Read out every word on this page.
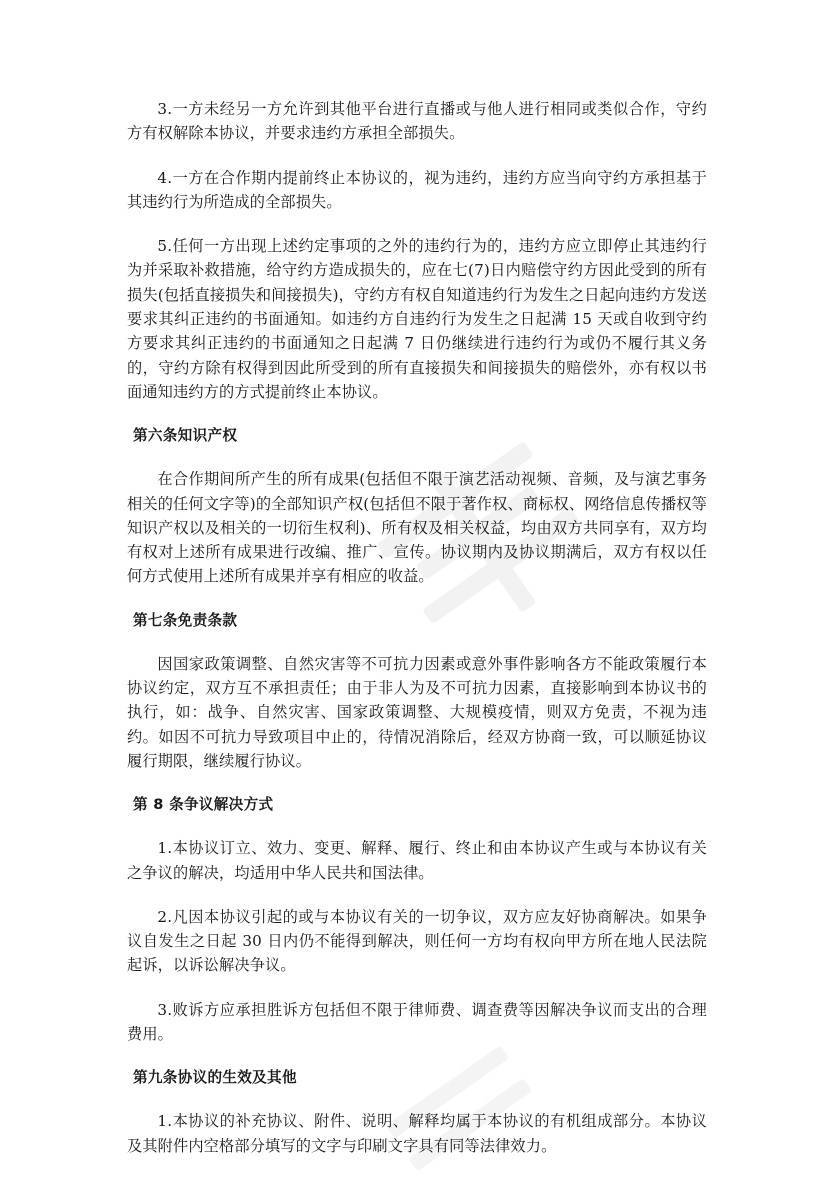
3.一方未经另一方允许到其他平台进行直播或与他人进行相同或类似合作，守约方有权解除本协议，并要求违约方承担全部损失。

4.一方在合作期内提前终止本协议的，视为违约，违约方应当向守约方承担基于其违约行为所造成的全部损失。

5.任何一方出现上述约定事项的之外的违约行为的，违约方应立即停止其违约行为并采取补救措施，给守约方造成损失的，应在七(7)日内赔偿守约方因此受到的所有损失(包括直接损失和间接损失)，守约方有权自知道违约行为发生之日起向违约方发送要求其纠正违约的书面通知。如违约方自违约行为发生之日起满 15 天或自收到守约方要求其纠正违约的书面通知之日起满 7 日仍继续进行违约行为或仍不履行其义务的，守约方除有权得到因此所受到的所有直接损失和间接损失的赔偿外，亦有权以书面通知违约方的方式提前终止本协议。

第六条知识产权

在合作期间所产生的所有成果(包括但不限于演艺活动视频、音频，及与演艺事务相关的任何文字等)的全部知识产权(包括但不限于著作权、商标权、网络信息传播权等知识产权以及相关的一切衍生权利)、所有权及相关权益，均由双方共同享有，双方均有权对上述所有成果进行改编、推广、宣传。协议期内及协议期满后，双方有权以任何方式使用上述所有成果并享有相应的收益。

第七条免责条款

因国家政策调整、自然灾害等不可抗力因素或意外事件影响各方不能政策履行本协议约定，双方互不承担责任；由于非人为及不可抗力因素，直接影响到本协议书的执行，如：战争、自然灾害、国家政策调整、大规模疫情，则双方免责，不视为违约。如因不可抗力导致项目中止的，待情况消除后，经双方协商一致，可以顺延协议履行期限，继续履行协议。

第 8 条争议解决方式

1.本协议订立、效力、变更、解释、履行、终止和由本协议产生或与本协议有关之争议的解决，均适用中华人民共和国法律。

2.凡因本协议引起的或与本协议有关的一切争议，双方应友好协商解决。如果争议自发生之日起 30 日内仍不能得到解决，则任何一方均有权向甲方所在地人民法院起诉，以诉讼解决争议。

3.败诉方应承担胜诉方包括但不限于律师费、调查费等因解决争议而支出的合理费用。

第九条协议的生效及其他

1.本协议的补充协议、附件、说明、解释均属于本协议的有机组成部分。本协议及其附件内空格部分填写的文字与印刷文字具有同等法律效力。
